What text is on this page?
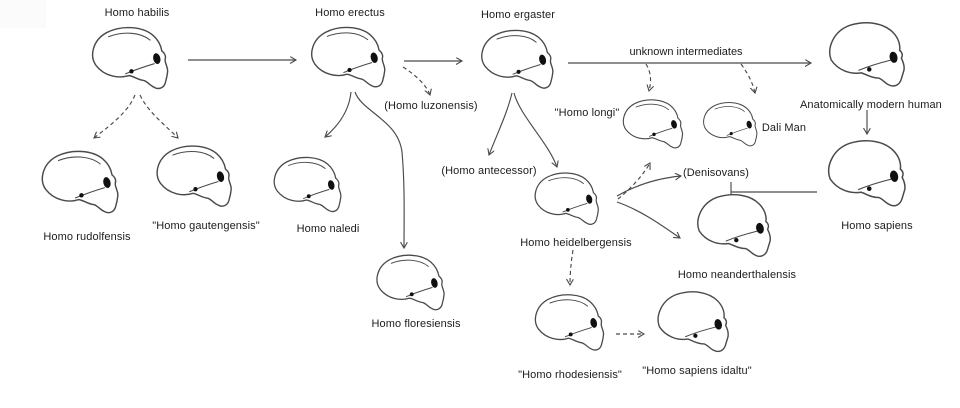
Homo habilis	Homo erectus	Homo ergaster
unknown intermediates
(Homo luzonensis)
Homo rudolfensis
"Homo gautengensis"	Homo naledi
Homo floresiensis
(Homo antecessor)
Homo heidelbergensis
"Homo longi"
Dali Man
(Denisovans)
Anatomically modern human
Homo sapiens
Homo neanderthalensis
"Homo rhodesiensis"	"Homo sapiens idaltu"
